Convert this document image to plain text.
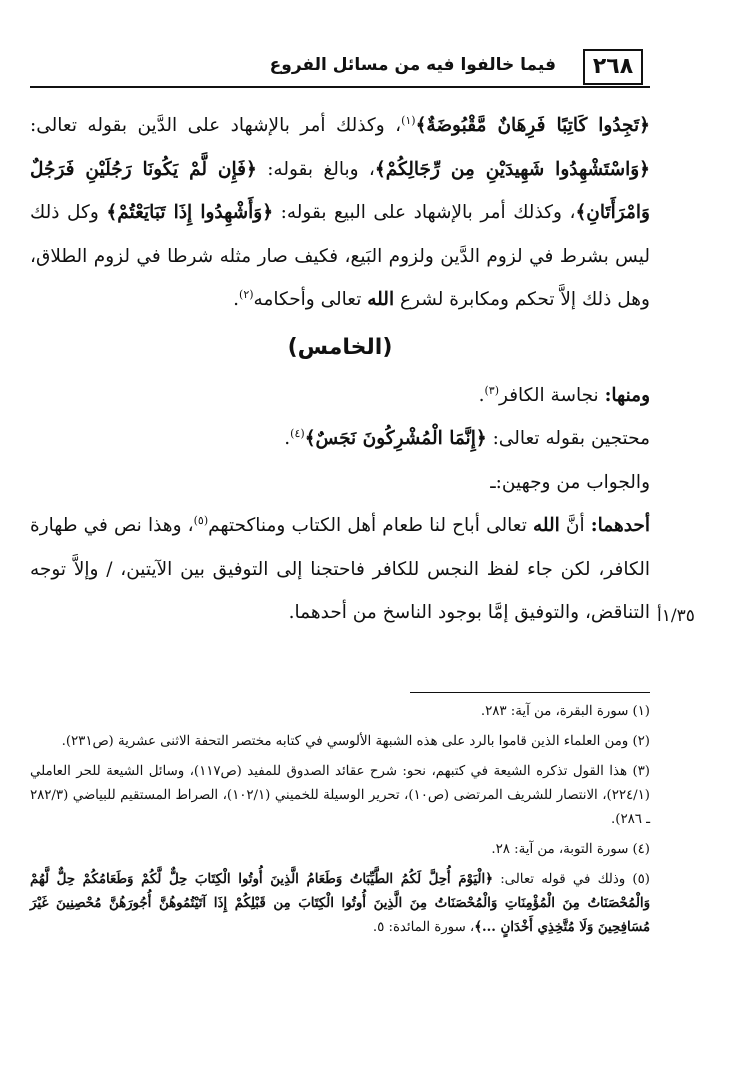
٢٦٨
فيما خالفوا فيه من مسائل الفروع

﴿تَجِدُوا كَاتِبًا فَرِهَانٌ مَّقْبُوضَةٌ﴾$^{(١)}$، وكذلك أمر بالإشهاد على الدَّين بقوله تعالى: ﴿وَاسْتَشْهِدُوا شَهِيدَيْنِ مِن رِّجَالِكُمْ﴾، وبالغ بقوله: ﴿فَإِن لَّمْ يَكُونَا رَجُلَيْنِ فَرَجُلٌ وَامْرَأَتَانِ﴾، وكذلك أمر بالإشهاد على البيع بقوله: ﴿وَأَشْهِدُوا إِذَا تَبَايَعْتُمْ﴾ وكل ذلك ليس بشرط في لزوم الدَّين ولزوم البَيع، فكيف صار مثله شرطا في لزوم الطلاق، وهل ذلك إلاَّ تحكم ومكابرة لشرع الله تعالى وأحكامه$^{(٢)}$.

(الخامس)

ومنها: نجاسة الكافر$^{(٣)}$.

محتجين بقوله تعالى: ﴿إِنَّمَا الْمُشْرِكُونَ نَجَسٌ﴾$^{(٤)}$.

والجواب من وجهين:ـ

أحدهما: أنَّ الله تعالى أباح لنا طعام أهل الكتاب ومناكحتهم$^{(٥)}$، وهذا نص في طهارة الكافر، لكن جاء لفظ النجس للكافر فاحتجنا إلى التوفيق بين الآيتين، / وإلاَّ توجه التناقض، والتوفيق إمَّا بوجود الناسخ من أحدهما. ١/٣٥أ

(١) سورة البقرة، من آية: ٢٨٣.

(٢) ومن العلماء الذين قاموا بالرد على هذه الشبهة الألوسي في كتابه مختصر التحفة الاثنى عشرية (ص٢٣١).

(٣) هذا القول تذكره الشيعة في كتبهم، نحو: شرح عقائد الصدوق للمفيد (ص١١٧)، وسائل الشيعة للحر العاملي (٢٢٤/١)، الانتصار للشريف المرتضى (ص١٠)، تحرير الوسيلة للخميني (١٠٢/١)، الصراط المستقيم للبياضي (٢٨٢/٣ ـ ٢٨٦).

(٤) سورة التوبة، من آية: ٢٨.

(٥) وذلك في قوله تعالى: ﴿الْيَوْمَ أُحِلَّ لَكُمُ الطَّيِّبَاتُ وَطَعَامُ الَّذِينَ أُوتُوا الْكِتَابَ حِلٌّ لَّكُمْ وَطَعَامُكُمْ حِلٌّ لَّهُمْ وَالْمُحْصَنَاتُ مِنَ الْمُؤْمِنَاتِ وَالْمُحْصَنَاتُ مِنَ الَّذِينَ أُوتُوا الْكِتَابَ مِن قَبْلِكُمْ إِذَا آتَيْتُمُوهُنَّ أُجُورَهُنَّ مُحْصِنِينَ غَيْرَ مُسَافِحِينَ وَلَا مُتَّخِذِي أَخْدَانٍ ...﴾، سورة المائدة: ٥.
